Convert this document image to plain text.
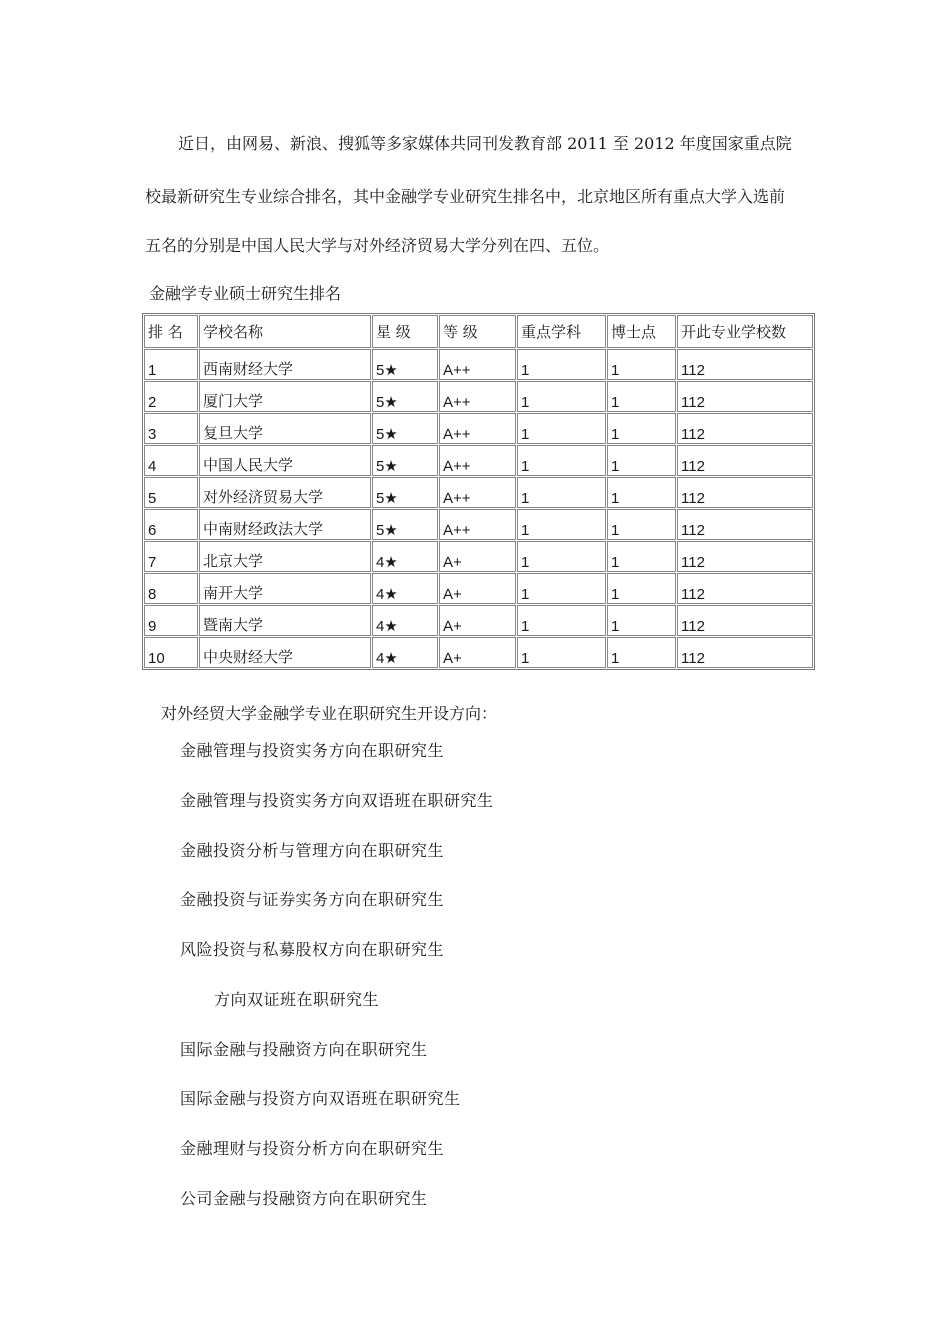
近日，由网易、新浪、搜狐等多家媒体共同刊发教育部 2011 至 2012 年度国家重点院
校最新研究生专业综合排名，其中金融学专业研究生排名中，北京地区所有重点大学入选前
五名的分别是中国人民大学与对外经济贸易大学分列在四、五位。
金融学专业硕士研究生排名
排 名	学校名称	星 级	等 级	重点学科	博士点	开此专业学校数
1	西南财经大学	5★	A++	1	1	112
2	厦门大学	5★	A++	1	1	112
3	复旦大学	5★	A++	1	1	112
4	中国人民大学	5★	A++	1	1	112
5	对外经济贸易大学	5★	A++	1	1	112
6	中南财经政法大学	5★	A++	1	1	112
7	北京大学	4★	A+	1	1	112
8	南开大学	4★	A+	1	1	112
9	暨南大学	4★	A+	1	1	112
10	中央财经大学	4★	A+	1	1	112
对外经贸大学金融学专业在职研究生开设方向：
金融管理与投资实务方向在职研究生
金融管理与投资实务方向双语班在职研究生
金融投资分析与管理方向在职研究生
金融投资与证券实务方向在职研究生
风险投资与私募股权方向在职研究生
方向双证班在职研究生
国际金融与投融资方向在职研究生
国际金融与投资方向双语班在职研究生
金融理财与投资分析方向在职研究生
公司金融与投融资方向在职研究生
